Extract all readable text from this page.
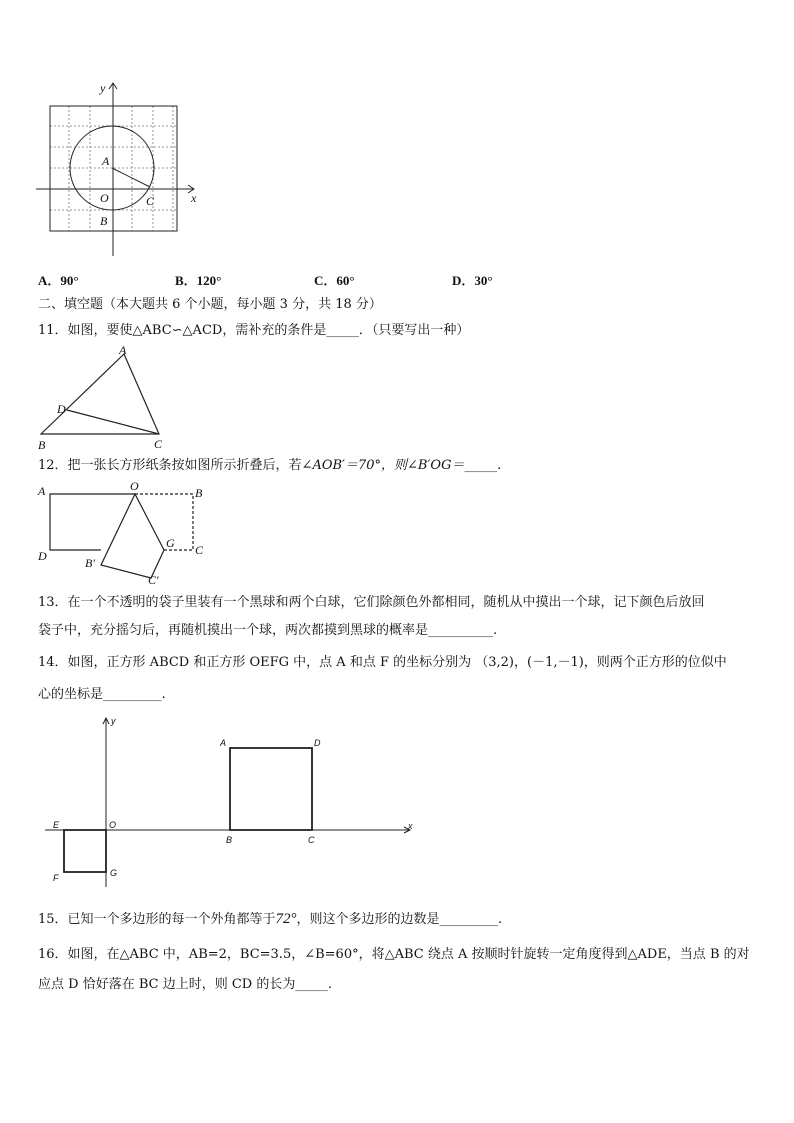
x
y
A
O	C
B
A．90°	B．120°	C．60°	D．30°
二、填空题（本大题共 6 个小题，每小题 3 分，共 18 分）
11．如图，要使△ABC∽△ACD，需补充的条件是_____．（只要写出一种）
A
D
B	C
12．把一张长方形纸条按如图所示折叠后，若∠AOB′＝70°，则∠B′OG＝_____．
A	O	B
D	B′
G C
C′
13．在一个不透明的袋子里装有一个黑球和两个白球，它们除颜色外都相同，随机从中摸出一个球，记下颜色后放回
袋子中，充分摇匀后，再随机摸出一个球，两次都摸到黑球的概率是__________.
14．如图，正方形 ABCD 和正方形 OEFG 中，点 A 和点 F 的坐标分别为 （3,2)，(－1,－1)，则两个正方形的位似中
心的坐标是_________.
y
x
A	D
E	O
B	C
F	G
15．已知一个多边形的每一个外角都等于72°，则这个多边形的边数是_________.
16．如图，在△ABC 中，AB=2，BC=3.5，∠B=60°，将△ABC 绕点 A 按顺时针旋转一定角度得到△ADE，当点 B 的对
应点 D 恰好落在 BC 边上时，则 CD 的长为_____.
